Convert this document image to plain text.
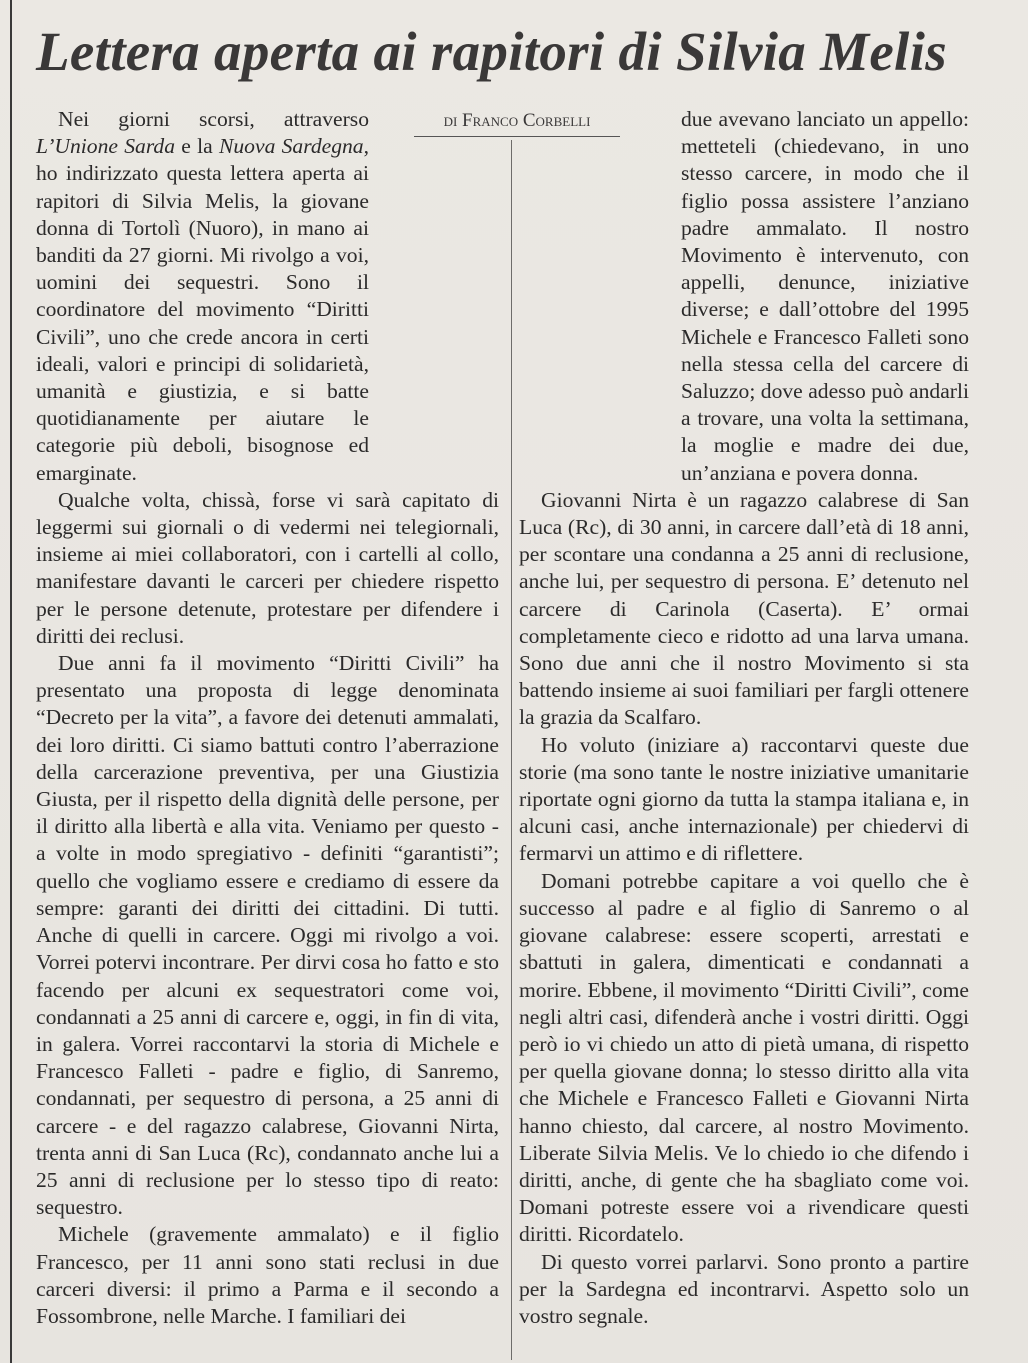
Lettera aperta ai rapitori di Silvia Melis
di Franco Corbelli

Nei giorni scorsi, attraverso L’Unione Sarda e la Nuova Sardegna, ho indirizzato questa lettera aperta ai rapitori di Silvia Melis, la giovane donna di Tortolì (Nuoro), in mano ai banditi da 27 giorni. Mi rivolgo a voi, uomini dei sequestri. Sono il coordinatore del movimento “Diritti Civili”, uno che crede ancora in certi ideali, valori e principi di solidarietà, umanità e giustizia, e si batte quotidianamente per aiutare le categorie più deboli, bisognose ed emarginate.

Qualche volta, chissà, forse vi sarà capitato di leggermi sui giornali o di vedermi nei telegiornali, insieme ai miei collaboratori, con i cartelli al collo, manifestare davanti le carceri per chiedere rispetto per le persone detenute, protestare per difendere i diritti dei reclusi.

Due anni fa il movimento “Diritti Civili” ha presentato una proposta di legge denominata “Decreto per la vita”, a favore dei detenuti ammalati, dei loro diritti. Ci siamo battuti contro l’aberrazione della carcerazione preventiva, per una Giustizia Giusta, per il rispetto della dignità delle persone, per il diritto alla libertà e alla vita. Veniamo per questo - a volte in modo spregiativo - definiti “garantisti”; quello che vogliamo essere e crediamo di essere da sempre: garanti dei diritti dei cittadini. Di tutti. Anche di quelli in carcere. Oggi mi rivolgo a voi. Vorrei potervi incontrare. Per dirvi cosa ho fatto e sto facendo per alcuni ex sequestratori come voi, condannati a 25 anni di carcere e, oggi, in fin di vita, in galera. Vorrei raccontarvi la storia di Michele e Francesco Falleti - padre e figlio, di Sanremo, condannati, per sequestro di persona, a 25 anni di carcere - e del ragazzo calabrese, Giovanni Nirta, trenta anni di San Luca (Rc), condannato anche lui a 25 anni di reclusione per lo stesso tipo di reato: sequestro.

Michele (gravemente ammalato) e il figlio Francesco, per 11 anni sono stati reclusi in due carceri diversi: il primo a Parma e il secondo a Fossombrone, nelle Marche. I familiari dei

due avevano lanciato un appello: metteteli (chiedevano, in uno stesso carcere, in modo che il figlio possa assistere l’anziano padre ammalato. Il nostro Movimento è intervenuto, con appelli, denunce, iniziative diverse; e dall’ottobre del 1995 Michele e Francesco Falleti sono nella stessa cella del carcere di Saluzzo; dove adesso può andarli a trovare, una volta la settimana, la moglie e madre dei due, un’anziana e povera donna.

Giovanni Nirta è un ragazzo calabrese di San Luca (Rc), di 30 anni, in carcere dall’età di 18 anni, per scontare una condanna a 25 anni di reclusione, anche lui, per sequestro di persona. E’ detenuto nel carcere di Carinola (Caserta). E’ ormai completamente cieco e ridotto ad una larva umana. Sono due anni che il nostro Movimento si sta battendo insieme ai suoi familiari per fargli ottenere la grazia da Scalfaro.

Ho voluto (iniziare a) raccontarvi queste due storie (ma sono tante le nostre iniziative umanitarie riportate ogni giorno da tutta la stampa italiana e, in alcuni casi, anche internazionale) per chiedervi di fermarvi un attimo e di riflettere.

Domani potrebbe capitare a voi quello che è successo al padre e al figlio di Sanremo o al giovane calabrese: essere scoperti, arrestati e sbattuti in galera, dimenticati e condannati a morire. Ebbene, il movimento “Diritti Civili”, come negli altri casi, difenderà anche i vostri diritti. Oggi però io vi chiedo un atto di pietà umana, di rispetto per quella giovane donna; lo stesso diritto alla vita che Michele e Francesco Falleti e Giovanni Nirta hanno chiesto, dal carcere, al nostro Movimento. Liberate Silvia Melis. Ve lo chiedo io che difendo i diritti, anche, di gente che ha sbagliato come voi. Domani potreste essere voi a rivendicare questi diritti. Ricordatelo.

Di questo vorrei parlarvi. Sono pronto a partire per la Sardegna ed incontrarvi. Aspetto solo un vostro segnale.
